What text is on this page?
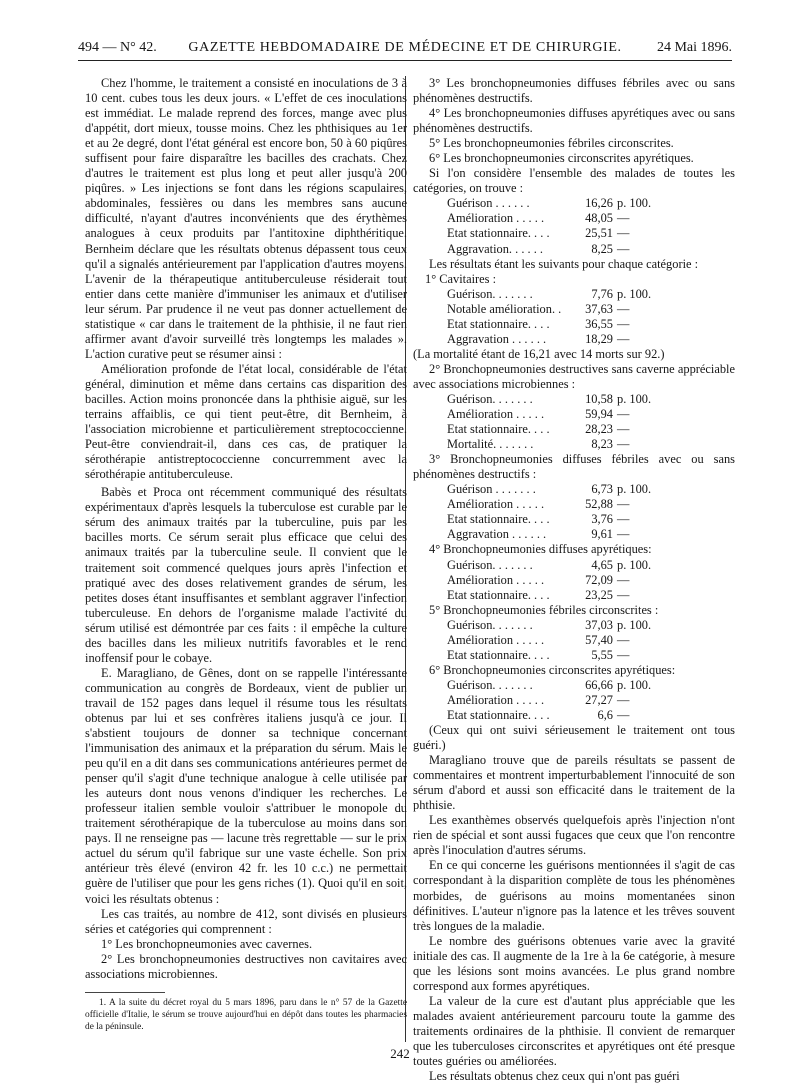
494 — N° 42.	GAZETTE HEBDOMADAIRE DE MÉDECINE ET DE CHIRURGIE.	24 Mai 1896.

Chez l'homme, le traitement a consisté en inoculations de 3 à 10 cent. cubes tous les deux jours. « L'effet de ces inoculations est immédiat. Le malade reprend des forces, mange avec plus d'appétit, dort mieux, tousse moins. Chez les phthisiques au 1er et au 2e degré, dont l'état général est encore bon, 50 à 60 piqûres suffisent pour faire disparaître les bacilles des crachats. Chez d'autres le traitement est plus long et peut aller jusqu'à 200 piqûres. » Les injections se font dans les régions scapulaires, abdominales, fessières ou dans les membres sans aucune difficulté, n'ayant d'autres inconvénients que des érythèmes analogues à ceux produits par l'antitoxine diphthéritique. Bernheim déclare que les résultats obtenus dépassent tous ceux qu'il a signalés antérieurement par l'application d'autres moyens. L'avenir de la thérapeutique antituberculeuse résiderait tout entier dans cette manière d'immuniser les animaux et d'utiliser leur sérum. Par prudence il ne veut pas donner actuellement de statistique « car dans le traitement de la phthisie, il ne faut rien affirmer avant d'avoir surveillé très longtemps les malades ». L'action curative peut se résumer ainsi :

Amélioration profonde de l'état local, considérable de l'état général, diminution et même dans certains cas disparition des bacilles. Action moins prononcée dans la phthisie aiguë, sur les terrains affaiblis, ce qui tient peut-être, dit Bernheim, à l'association microbienne et particulièrement streptococcienne. Peut-être conviendrait-il, dans ces cas, de pratiquer la sérothérapie antistreptococcienne concurremment avec la sérothérapie antituberculeuse.

Babès et Proca ont récemment communiqué des résultats expérimentaux d'après lesquels la tuberculose est curable par le sérum des animaux traités par la tuberculine, puis par les bacilles morts. Ce sérum serait plus efficace que celui des animaux traités par la tuberculine seule. Il convient que le traitement soit commencé quelques jours après l'infection et pratiqué avec des doses relativement grandes de sérum, les petites doses étant insuffisantes et semblant aggraver l'infection tuberculeuse. En dehors de l'organisme malade l'activité du sérum utilisé est démontrée par ces faits : il empêche la culture des bacilles dans les milieux nutritifs favorables et le rend inoffensif pour le cobaye.

E. Maragliano, de Gênes, dont on se rappelle l'intéressante communication au congrès de Bordeaux, vient de publier un travail de 152 pages dans lequel il résume tous les résultats obtenus par lui et ses confrères italiens jusqu'à ce jour. Il s'abstient toujours de donner sa technique concernant l'immunisation des animaux et la préparation du sérum. Mais le peu qu'il en a dit dans ses communications antérieures permet de penser qu'il s'agit d'une technique analogue à celle utilisée par les auteurs dont nous venons d'indiquer les recherches. Le professeur italien semble vouloir s'attribuer le monopole du traitement sérothérapique de la tuberculose au moins dans son pays. Il ne renseigne pas — lacune très regrettable — sur le prix actuel du sérum qu'il fabrique sur une vaste échelle. Son prix antérieur très élevé (environ 42 fr. les 10 c.c.) ne permettait guère de l'utiliser que pour les gens riches (1). Quoi qu'il en soit, voici les résultats obtenus :

Les cas traités, au nombre de 412, sont divisés en plusieurs séries et catégories qui comprennent :

1° Les bronchopneumonies avec cavernes.

2° Les bronchopneumonies destructives non cavitaires avec associations microbiennes.

1. A la suite du décret royal du 5 mars 1896, paru dans le n° 57 de la Gazette officielle d'Italie, le sérum se trouve aujourd'hui en dépôt dans toutes les pharmacies de la péninsule.

3° Les bronchopneumonies diffuses fébriles avec ou sans phénomènes destructifs.

4° Les bronchopneumonies diffuses apyrétiques avec ou sans phénomènes destructifs.

5° Les bronchopneumonies fébriles circonscrites.

6° Les bronchopneumonies circonscrites apyrétiques.

Si l'on considère l'ensemble des malades de toutes les catégories, on trouve :

Guérison . . . . . .	16,26	p. 100.
Amélioration . . . . .	48,05	—
Etat stationnaire. . . .	25,51	—
Aggravation. . . . . .	8,25	—

Les résultats étant les suivants pour chaque catégorie :

1° Cavitaires :

Guérison. . . . . . .	7,76	p. 100.
Notable amélioration. .	37,63	—
Etat stationnaire. . . .	36,55	—
Aggravation . . . . . .	18,29	—

(La mortalité étant de 16,21 avec 14 morts sur 92.)

2° Bronchopneumonies destructives sans caverne appréciable avec associations microbiennes :

Guérison. . . . . . .	10,58	p. 100.
Amélioration . . . . .	59,94	—
Etat stationnaire. . . .	28,23	—
Mortalité. . . . . . .	8,23	—

3° Bronchopneumonies diffuses fébriles avec ou sans phénomènes destructifs :

Guérison . . . . . . .	6,73	p. 100.
Amélioration . . . . .	52,88	—
Etat stationnaire. . . .	3,76	—
Aggravation . . . . . .	9,61	—

4° Bronchopneumonies diffuses apyrétiques:

Guérison. . . . . . .	4,65	p. 100.
Amélioration . . . . .	72,09	—
Etat stationnaire. . . .	23,25	—

5° Bronchopneumonies fébriles circonscrites :

Guérison. . . . . . .	37,03	p. 100.
Amélioration . . . . .	57,40	—
Etat stationnaire. . . .	5,55	—

6° Bronchopneumonies circonscrites apyrétiques:

Guérison. . . . . . .	66,66	p. 100.
Amélioration . . . . .	27,27	—
Etat stationnaire. . . .	6,6	—

(Ceux qui ont suivi sérieusement le traitement ont tous guéri.)

Maragliano trouve que de pareils résultats se passent de commentaires et montrent imperturbablement l'innocuité de son sérum d'abord et aussi son efficacité dans le traitement de la phthisie.

Les exanthèmes observés quelquefois après l'injection n'ont rien de spécial et sont aussi fugaces que ceux que l'on rencontre après l'inoculation d'autres sérums.

En ce qui concerne les guérisons mentionnées il s'agit de cas correspondant à la disparition complète de tous les phénomènes morbides, de guérisons au moins momentanées sinon définitives. L'auteur n'ignore pas la latence et les trêves souvent très longues de la maladie.

Le nombre des guérisons obtenues varie avec la gravité initiale des cas. Il augmente de la 1re à la 6e catégorie, à mesure que les lésions sont moins avancées. Le plus grand nombre correspond aux formes apyrétiques.

La valeur de la cure est d'autant plus appréciable que les malades avaient antérieurement parcouru toute la gamme des traitements ordinaires de la phthisie. Il convient de remarquer que les tuberculoses circonscrites et apyrétiques ont été presque toutes guéries ou améliorées.

Les résultats obtenus chez ceux qui n'ont pas guéri

242
